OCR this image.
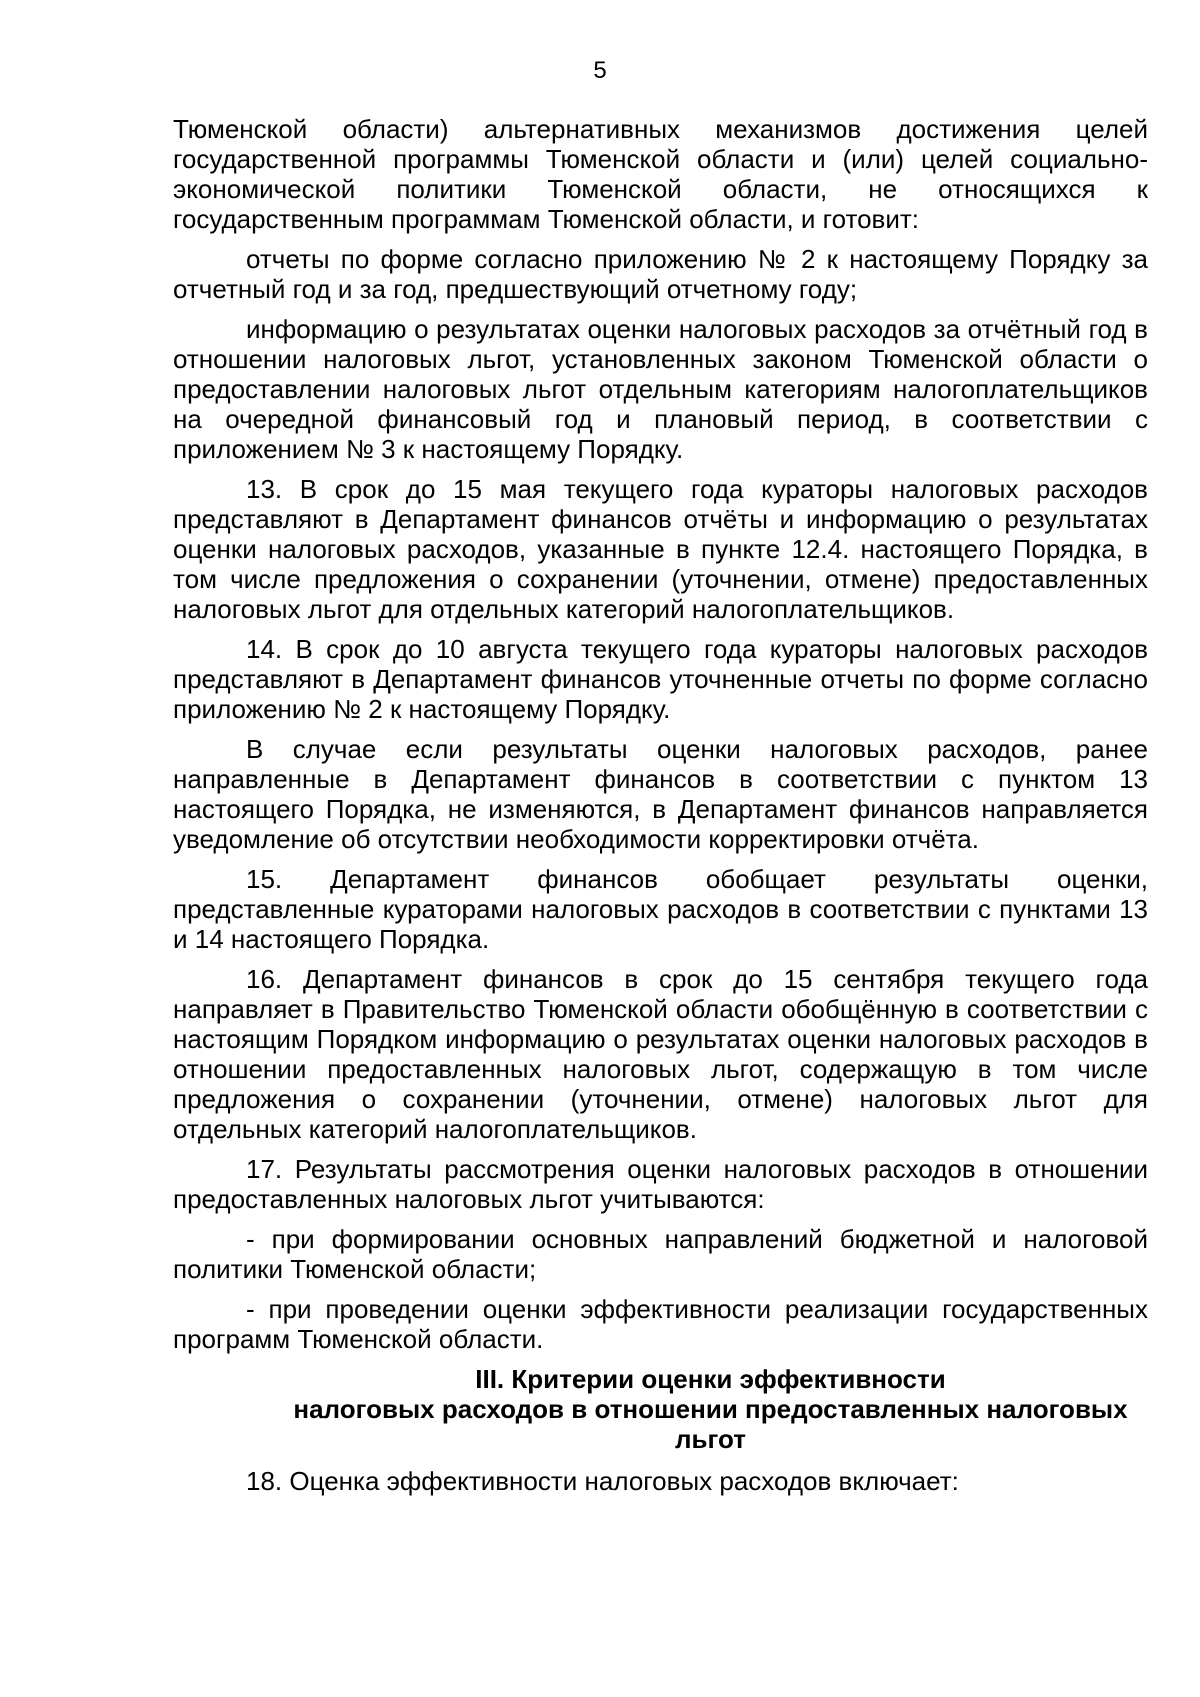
5

Тюменской области) альтернативных механизмов достижения целей государственной программы Тюменской области и (или) целей социально-экономической политики Тюменской области, не относящихся к государственным программам Тюменской области, и готовит:

отчеты по форме согласно приложению № 2 к настоящему Порядку за отчетный год и за год, предшествующий отчетному году;

информацию о результатах оценки налоговых расходов за отчётный год в отношении налоговых льгот, установленных законом Тюменской области о предоставлении налоговых льгот отдельным категориям налогоплательщиков на очередной финансовый год и плановый период, в соответствии с приложением № 3 к настоящему Порядку.

13. В срок до 15 мая текущего года кураторы налоговых расходов представляют в Департамент финансов отчёты и информацию о результатах оценки налоговых расходов, указанные в пункте 12.4. настоящего Порядка, в том числе предложения о сохранении (уточнении, отмене) предоставленных налоговых льгот для отдельных категорий налогоплательщиков.

14. В срок до 10 августа текущего года кураторы налоговых расходов представляют в Департамент финансов уточненные отчеты по форме согласно приложению № 2 к настоящему Порядку.

В случае если результаты оценки налоговых расходов, ранее направленные в Департамент финансов в соответствии с пунктом 13 настоящего Порядка, не изменяются, в Департамент финансов направляется уведомление об отсутствии необходимости корректировки отчёта.

15. Департамент финансов обобщает результаты оценки, представленные кураторами налоговых расходов в соответствии с пунктами 13 и 14 настоящего Порядка.

16. Департамент финансов в срок до 15 сентября текущего года направляет в Правительство Тюменской области обобщённую в соответствии с настоящим Порядком информацию о результатах оценки налоговых расходов в отношении предоставленных налоговых льгот, содержащую в том числе предложения о сохранении (уточнении, отмене) налоговых льгот для отдельных категорий налогоплательщиков.

17. Результаты рассмотрения оценки налоговых расходов в отношении предоставленных налоговых льгот учитываются:

- при формировании основных направлений бюджетной и налоговой политики Тюменской области;

- при проведении оценки эффективности реализации государственных программ Тюменской области.

III. Критерии оценки эффективности
налоговых расходов в отношении предоставленных налоговых
льгот

18. Оценка эффективности налоговых расходов включает:
